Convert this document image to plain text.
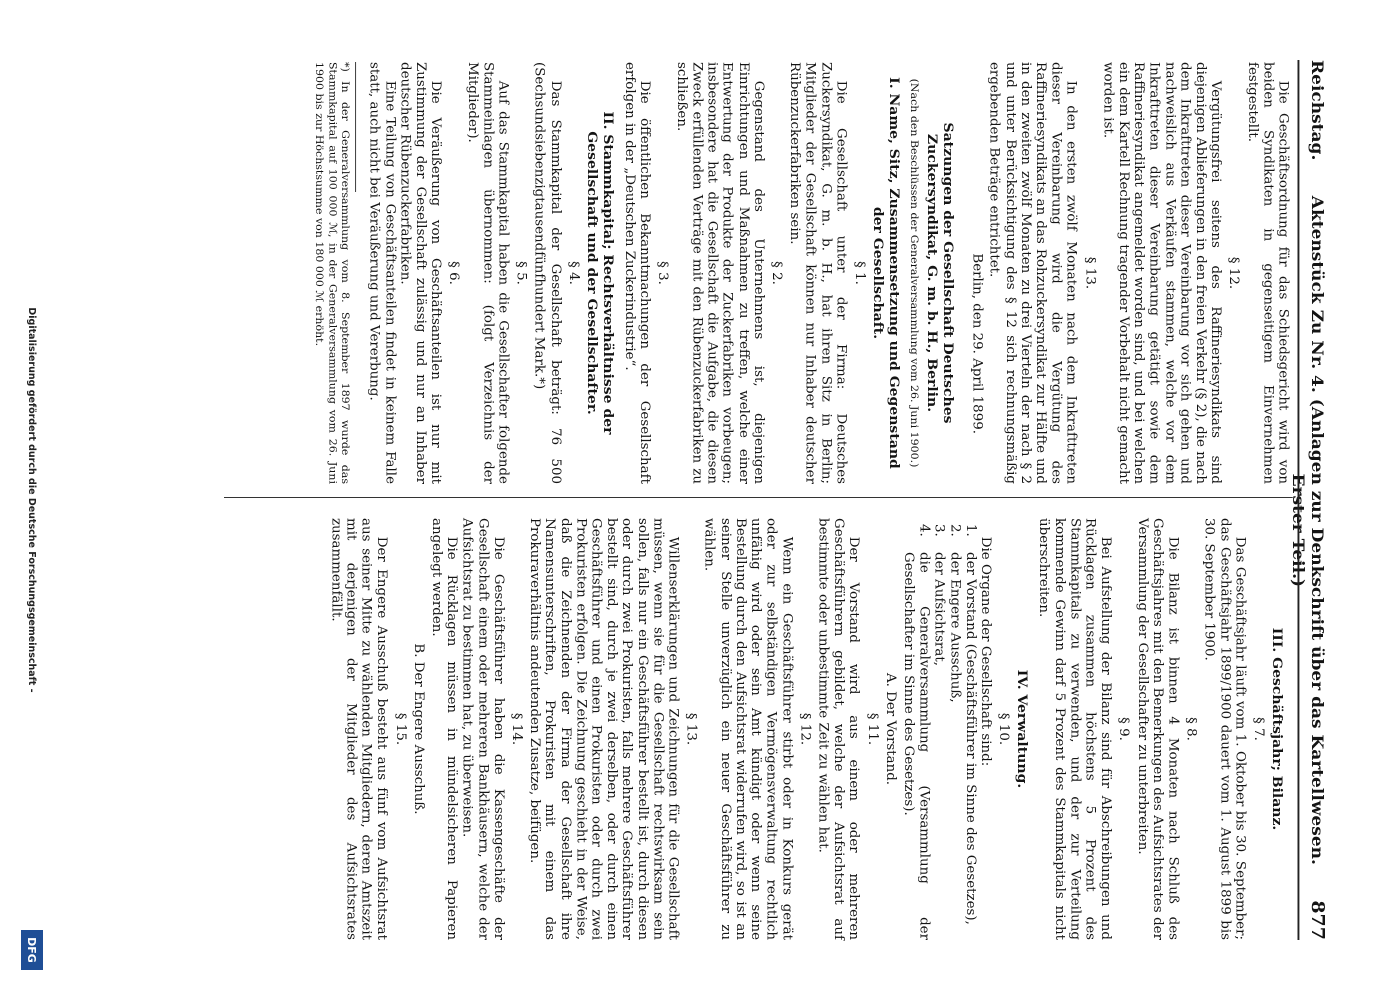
Reichstag.
Aktenstück Zu Nr. 4. (Anlagen zur Denkschrift über das Kartellwesen. Erster Teil.)
877

Die Geschäftsordnung für das Schiedsgericht wird von beiden Syndikaten in gegenseitigem Einvernehmen festgestellt.

§ 12.

Vergütungsfrei seitens des Raffineriesyndikats sind diejenigen Ablieferungen in den freien Verkehr (§ 2), die nach dem Inkrafttreten dieser Vereinbarung vor sich gehen und nachweislich aus Verkäufen stammen, welche vor dem Inkrafttreten dieser Vereinbarung getätigt sowie dem Raffineriesyndikat angemeldet worden sind, und bei welchen ein dem Kartell Rechnung tragender Vorbehalt nicht gemacht worden ist.

§ 13.

In den ersten zwölf Monaten nach dem Inkrafttreten dieser Vereinbarung wird die Vergütung des Raffineriesyndikats an das Rohzuckersyndikat zur Hälfte und in den zweiten zwölf Monaten zu drei Vierteln der nach § 2 und unter Berücksichtigung des § 12 sich rechnungsmäßig ergebenden Beträge entrichtet.

Berlin, den 29. April 1899.
Satzungen der Gesellschaft Deutsches Zuckersyndikat, G. m. b. H., Berlin.
(Nach den Beschlüssen der Generalversammlung vom 26. Juni 1900.)
I. Name, Sitz, Zusammensetzung und Gegenstand der Gesellschaft.
§ 1.

Die Gesellschaft unter der Firma: Deutsches Zuckersyndikat, G. m. b. H., hat ihren Sitz in Berlin; Mitglieder der Gesellschaft können nur Inhaber deutscher Rübenzuckerfabriken sein.

§ 2.

Gegenstand des Unternehmens ist, diejenigen Einrichtungen und Maßnahmen zu treffen, welche einer Entwertung der Produkte der Zuckerfabriken vorbeugen; insbesondere hat die Gesellschaft die Aufgabe, die diesen Zweck erfüllenden Verträge mit den Rübenzuckerfabriken zu schließen.

§ 3.

Die öffentlichen Bekanntmachungen der Gesellschaft erfolgen in der „Deutschen Zuckerindustrie“.

II. Stammkapital; Rechtsverhältnisse der Gesellschaft und der Gesellschafter.
§ 4.

Das Stammkapital der Gesellschaft beträgt: 76 500 (Sechsundsiebenzigtausendfünfhundert Mark.*)

§ 5.

Auf das Stammkapital haben die Gesellschafter folgende Stammeinlagen übernommen: (folgt Verzeichnis der Mitglieder).

§ 6.

Die Veräußerung von Geschäftsanteilen ist nur mit Zustimmung der Gesellschaft zulässig und nur an Inhaber deutscher Rübenzuckerfabriken.

Eine Teilung von Geschäftsanteilen findet in keinem Falle statt, auch nicht bei Veräußerung und Vererbung.

*) In der Generalversammlung vom 8. September 1897 wurde das Stammkapital auf 100 000 ℳ, in der Generalversammlung vom 26. Juni 1900 bis zur Höchstsumme von 180 000 ℳ erhöht.

III. Geschäftsjahr; Bilanz.
§ 7.

Das Geschäftsjahr läuft vom 1. Oktober bis 30. September; das Geschäftsjahr 1899/1900 dauert vom 1. August 1899 bis 30. September 1900.

§ 8.

Die Bilanz ist binnen 4 Monaten nach Schluß des Geschäftsjahres mit den Bemerkungen des Aufsichtsrates der Versammlung der Gesellschafter zu unterbreiten.

§ 9.

Bei Aufstellung der Bilanz sind für Abschreibungen und Rücklagen zusammen höchstens 5 Prozent des Stammkapitals zu verwenden, und der zur Verteilung kommende Gewinn darf 5 Prozent des Stammkapitals nicht überschreiten.

IV. Verwaltung.
§ 10.

Die Organe der Gesellschaft sind:

1.
der Vorstand (Geschäftsführer im Sinne des Gesetzes),
2.
der Engere Ausschuß,
3.
der Aufsichtsrat,
4.
die Generalversammlung (Versammlung der Gesellschafter im Sinne des Gesetzes).
A. Der Vorstand.
§ 11.

Der Vorstand wird aus einem oder mehreren Geschäftsführern gebildet, welche der Aufsichtsrat auf bestimmte oder unbestimmte Zeit zu wählen hat.

§ 12.

Wenn ein Geschäftsführer stirbt oder in Konkurs gerät oder zur selbständigen Vermögensverwaltung rechtlich unfähig wird oder sein Amt kündigt oder wenn seine Bestellung durch den Aufsichtsrat widerrufen wird, so ist an seiner Stelle unverzüglich ein neuer Geschäftsführer zu wählen.

§ 13.

Willenserklärungen und Zeichnungen für die Gesellschaft müssen, wenn sie für die Gesellschaft rechtswirksam sein sollen, falls nur ein Geschäftsführer bestellt ist, durch diesen oder durch zwei Prokuristen, falls mehrere Geschäftsführer bestellt sind, durch je zwei derselben, oder durch einen Geschäftsführer und einen Prokuristen oder durch zwei Prokuristen erfolgen. Die Zeichnung geschieht in der Weise, daß die Zeichnenden der Firma der Gesellschaft ihre Namensunterschriften, Prokuristen mit einem das Prokuraverhältnis andeutenden Zusatze, beifügen.

§ 14.

Die Geschäftsführer haben die Kassengeschäfte der Gesellschaft einem oder mehreren Bankhäusern, welche der Aufsichtsrat zu bestimmen hat, zu überweisen.

Die Rücklagen müssen in mündelsicheren Papieren angelegt werden.

B. Der Engere Ausschuß.
§ 15.

Der Engere Ausschuß besteht aus fünf vom Aufsichtsrat aus seiner Mitte zu wählenden Mitgliedern, deren Amtszeit mit derjenigen der Mitglieder des Aufsichtsrates zusammenfällt.

Digitalisierung gefördert durch die Deutsche Forschungsgemeinschaft -
DFG
